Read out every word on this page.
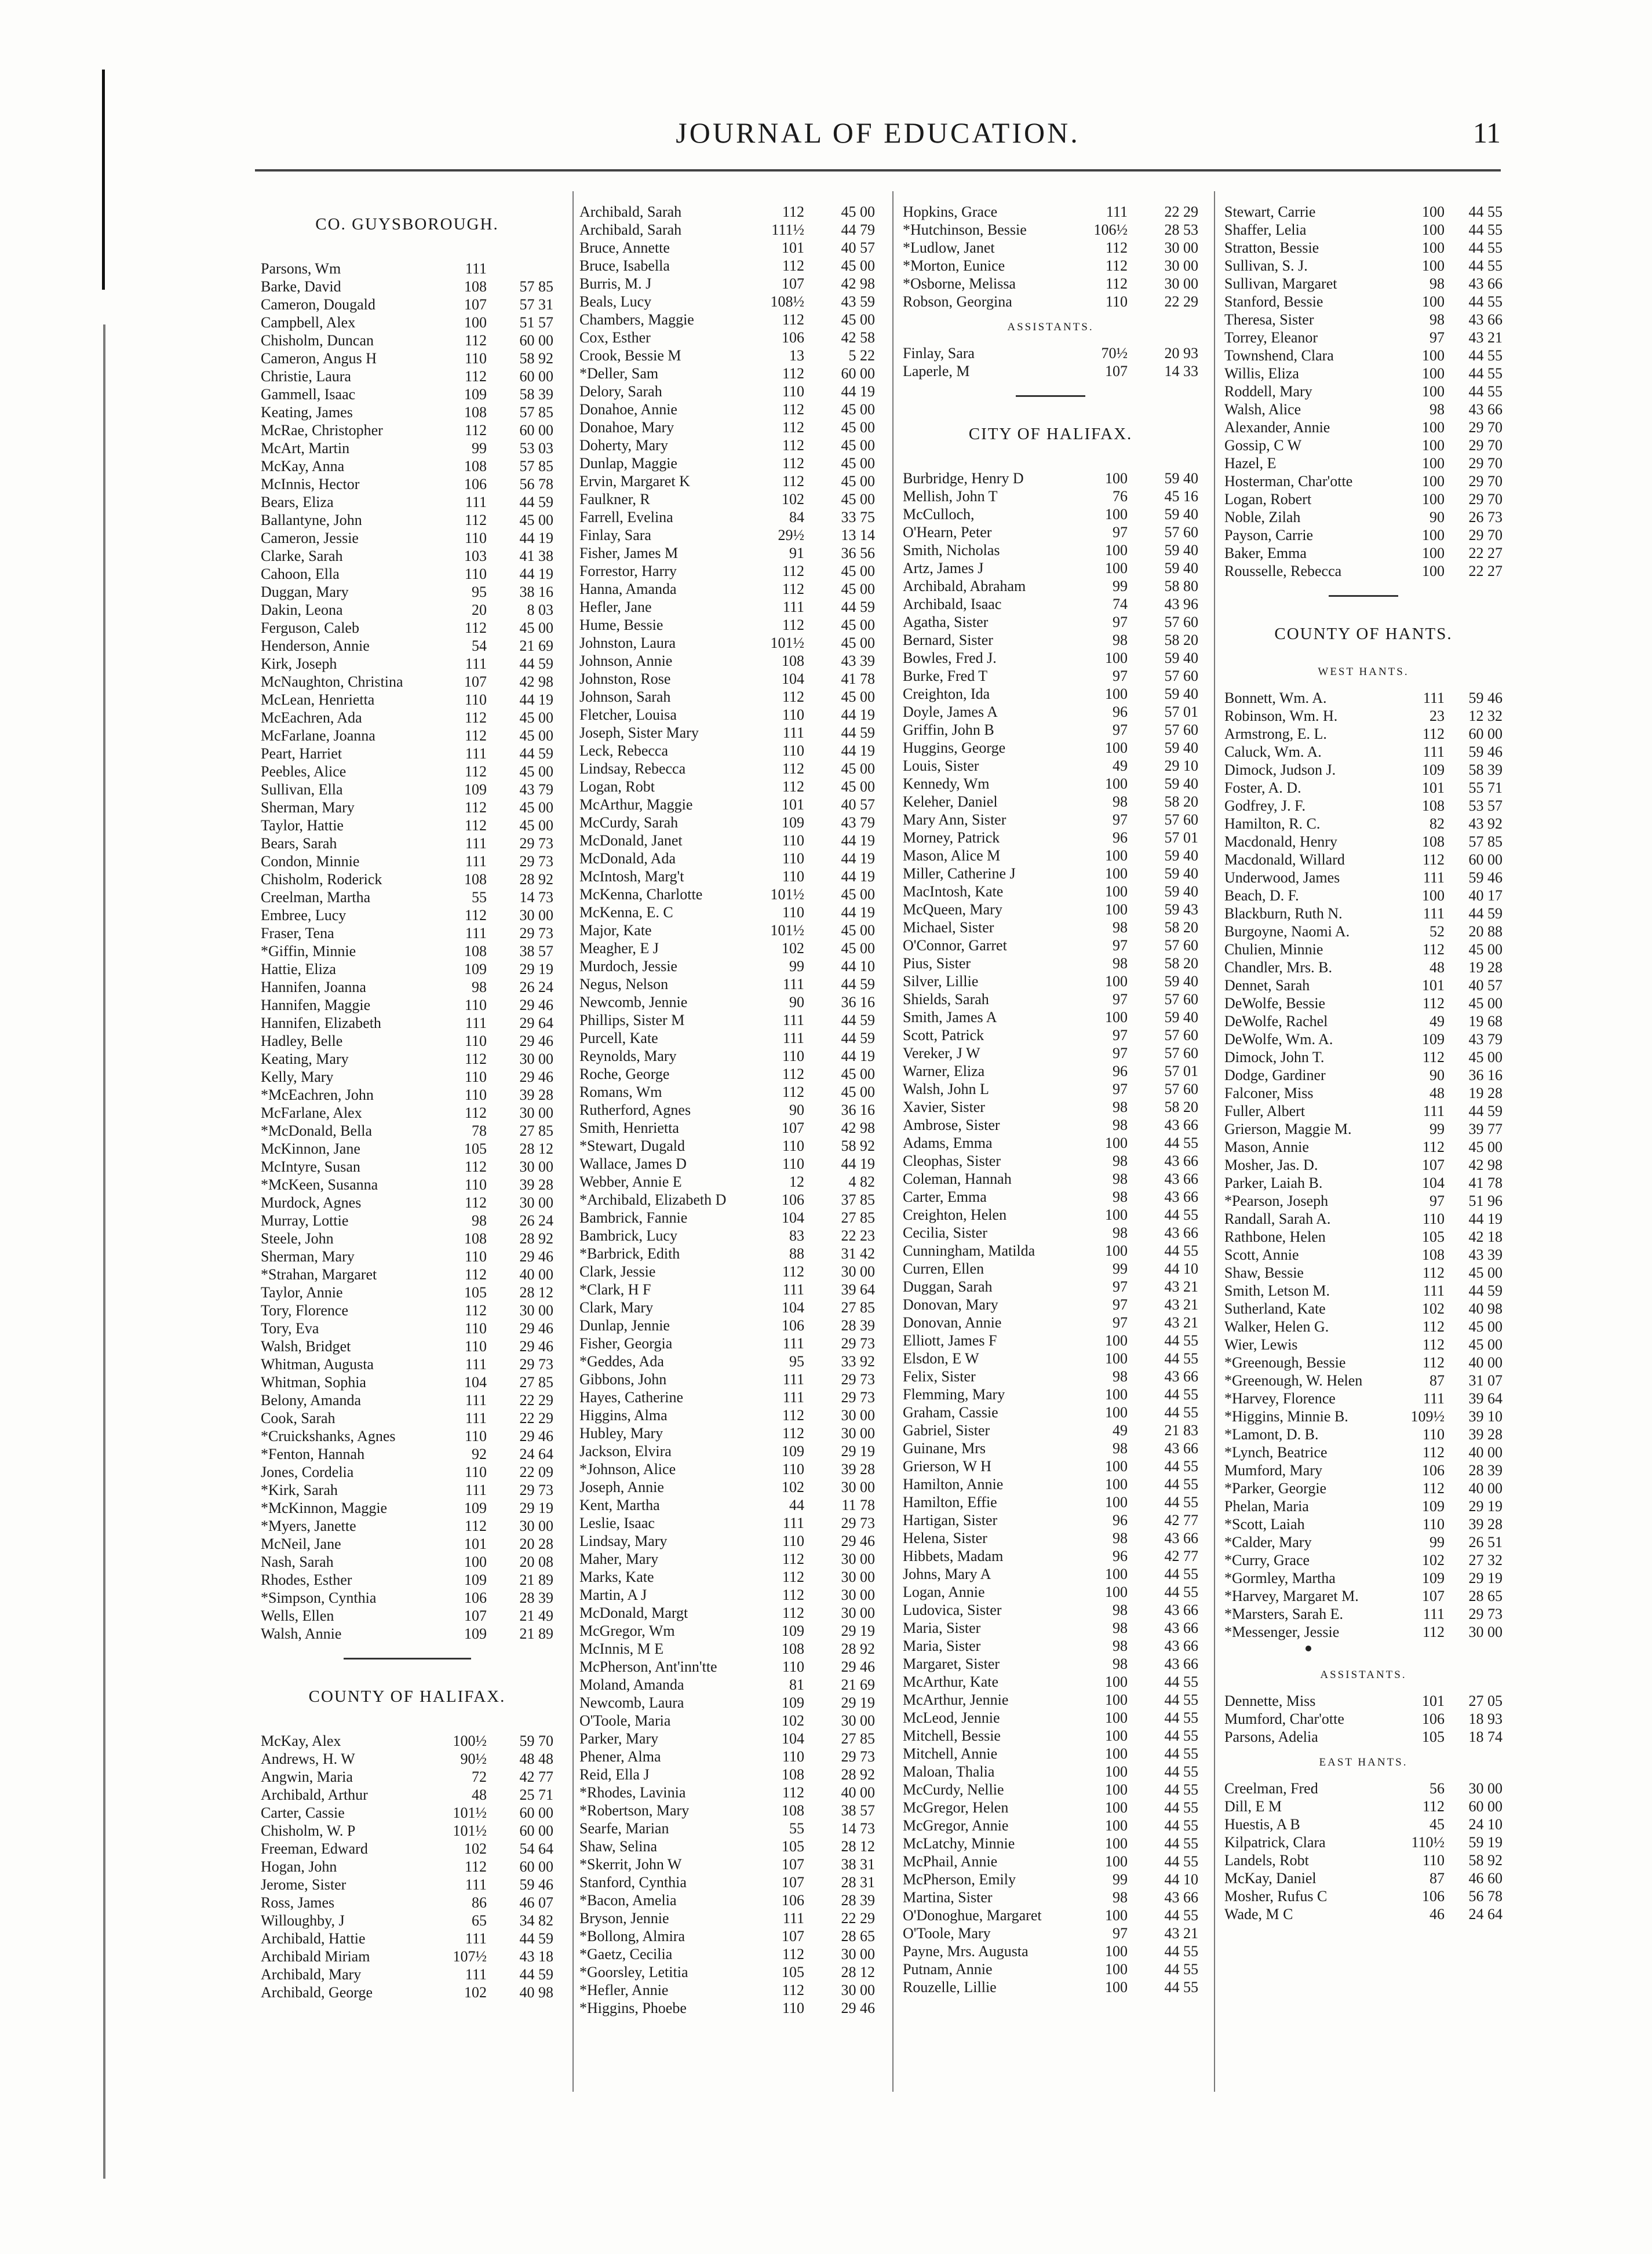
JOURNAL OF EDUCATION.	11
CO. GUYSBOROUGH.
Parsons, Wm	111
Barke, David	108	57 85
Cameron, Dougald	107	57 31
Campbell, Alex	100	51 57
Chisholm, Duncan	112	60 00
Cameron, Angus H	110	58 92
Christie, Laura	112	60 00
Gammell, Isaac	109	58 39
Keating, James	108	57 85
McRae, Christopher	112	60 00
McArt, Martin	99	53 03
McKay, Anna	108	57 85
McInnis, Hector	106	56 78
Bears, Eliza	111	44 59
Ballantyne, John	112	45 00
Cameron, Jessie	110	44 19
Clarke, Sarah	103	41 38
Cahoon, Ella	110	44 19
Duggan, Mary	95	38 16
Dakin, Leona	20	8 03
Ferguson, Caleb	112	45 00
Henderson, Annie	54	21 69
Kirk, Joseph	111	44 59
McNaughton, Christina	107	42 98
McLean, Henrietta	110	44 19
McEachren, Ada	112	45 00
McFarlane, Joanna	112	45 00
Peart, Harriet	111	44 59
Peebles, Alice	112	45 00
Sullivan, Ella	109	43 79
Sherman, Mary	112	45 00
Taylor, Hattie	112	45 00
Bears, Sarah	111	29 73
Condon, Minnie	111	29 73
Chisholm, Roderick	108	28 92
Creelman, Martha	55	14 73
Embree, Lucy	112	30 00
Fraser, Tena	111	29 73
*Giffin, Minnie	108	38 57
Hattie, Eliza	109	29 19
Hannifen, Joanna	98	26 24
Hannifen, Maggie	110	29 46
Hannifen, Elizabeth	111	29 64
Hadley, Belle	110	29 46
Keating, Mary	112	30 00
Kelly, Mary	110	29 46
*McEachren, John	110	39 28
McFarlane, Alex	112	30 00
*McDonald, Bella	78	27 85
McKinnon, Jane	105	28 12
McIntyre, Susan	112	30 00
*McKeen, Susanna	110	39 28
Murdock, Agnes	112	30 00
Murray, Lottie	98	26 24
Steele, John	108	28 92
Sherman, Mary	110	29 46
*Strahan, Margaret	112	40 00
Taylor, Annie	105	28 12
Tory, Florence	112	30 00
Tory, Eva	110	29 46
Walsh, Bridget	110	29 46
Whitman, Augusta	111	29 73
Whitman, Sophia	104	27 85
Belony, Amanda	111	22 29
Cook, Sarah	111	22 29
*Cruickshanks, Agnes	110	29 46
*Fenton, Hannah	92	24 64
Jones, Cordelia	110	22 09
*Kirk, Sarah	111	29 73
*McKinnon, Maggie	109	29 19
*Myers, Janette	112	30 00
McNeil, Jane	101	20 28
Nash, Sarah	100	20 08
Rhodes, Esther	109	21 89
*Simpson, Cynthia	106	28 39
Wells, Ellen	107	21 49
Walsh, Annie	109	21 89
COUNTY OF HALIFAX.
McKay, Alex	100½	59 70
Andrews, H. W	90½	48 48
Angwin, Maria	72	42 77
Archibald, Arthur	48	25 71
Carter, Cassie	101½	60 00
Chisholm, W. P	101½	60 00
Freeman, Edward	102	54 64
Hogan, John	112	60 00
Jerome, Sister	111	59 46
Ross, James	86	46 07
Willoughby, J	65	34 82
Archibald, Hattie	111	44 59
Archibald Miriam	107½	43 18
Archibald, Mary	111	44 59
Archibald, George	102	40 98
Archibald, Sarah	112	45 00
Archibald, Sarah	111½	44 79
Bruce, Annette	101	40 57
Bruce, Isabella	112	45 00
Burris, M. J	107	42 98
Beals, Lucy	108½	43 59
Chambers, Maggie	112	45 00
Cox, Esther	106	42 58
Crook, Bessie M	13	5 22
*Deller, Sam	112	60 00
Delory, Sarah	110	44 19
Donahoe, Annie	112	45 00
Donahoe, Mary	112	45 00
Doherty, Mary	112	45 00
Dunlap, Maggie	112	45 00
Ervin, Margaret K	112	45 00
Faulkner, R	102	45 00
Farrell, Evelina	84	33 75
Finlay, Sara	29½	13 14
Fisher, James M	91	36 56
Forrestor, Harry	112	45 00
Hanna, Amanda	112	45 00
Hefler, Jane	111	44 59
Hume, Bessie	112	45 00
Johnston, Laura	101½	45 00
Johnson, Annie	108	43 39
Johnston, Rose	104	41 78
Johnson, Sarah	112	45 00
Fletcher, Louisa	110	44 19
Joseph, Sister Mary	111	44 59
Leck, Rebecca	110	44 19
Lindsay, Rebecca	112	45 00
Logan, Robt	112	45 00
McArthur, Maggie	101	40 57
McCurdy, Sarah	109	43 79
McDonald, Janet	110	44 19
McDonald, Ada	110	44 19
McIntosh, Marg't	110	44 19
McKenna, Charlotte	101½	45 00
McKenna, E. C	110	44 19
Major, Kate	101½	45 00
Meagher, E J	102	45 00
Murdoch, Jessie	99	44 10
Negus, Nelson	111	44 59
Newcomb, Jennie	90	36 16
Phillips, Sister M	111	44 59
Purcell, Kate	111	44 59
Reynolds, Mary	110	44 19
Roche, George	112	45 00
Romans, Wm	112	45 00
Rutherford, Agnes	90	36 16
Smith, Henrietta	107	42 98
*Stewart, Dugald	110	58 92
Wallace, James D	110	44 19
Webber, Annie E	12	4 82
*Archibald, Elizabeth D	106	37 85
Bambrick, Fannie	104	27 85
Bambrick, Lucy	83	22 23
*Barbrick, Edith	88	31 42
Clark, Jessie	112	30 00
*Clark, H F	111	39 64
Clark, Mary	104	27 85
Dunlap, Jennie	106	28 39
Fisher, Georgia	111	29 73
*Geddes, Ada	95	33 92
Gibbons, John	111	29 73
Hayes, Catherine	111	29 73
Higgins, Alma	112	30 00
Hubley, Mary	112	30 00
Jackson, Elvira	109	29 19
*Johnson, Alice	110	39 28
Joseph, Annie	102	30 00
Kent, Martha	44	11 78
Leslie, Isaac	111	29 73
Lindsay, Mary	110	29 46
Maher, Mary	112	30 00
Marks, Kate	112	30 00
Martin, A J	112	30 00
McDonald, Margt	112	30 00
McGregor, Wm	109	29 19
McInnis, M E	108	28 92
McPherson, Ant'inn'tte	110	29 46
Moland, Amanda	81	21 69
Newcomb, Laura	109	29 19
O'Toole, Maria	102	30 00
Parker, Mary	104	27 85
Phener, Alma	110	29 73
Reid, Ella J	108	28 92
*Rhodes, Lavinia	112	40 00
*Robertson, Mary	108	38 57
Searfe, Marian	55	14 73
Shaw, Selina	105	28 12
*Skerrit, John W	107	38 31
Stanford, Cynthia	107	28 31
*Bacon, Amelia	106	28 39
Bryson, Jennie	111	22 29
*Bollong, Almira	107	28 65
*Gaetz, Cecilia	112	30 00
*Goorsley, Letitia	105	28 12
*Hefler, Annie	112	30 00
*Higgins, Phoebe	110	29 46
Hopkins, Grace	111	22 29
*Hutchinson, Bessie	106½	28 53
*Ludlow, Janet	112	30 00
*Morton, Eunice	112	30 00
*Osborne, Melissa	112	30 00
Robson, Georgina	110	22 29
ASSISTANTS.
Finlay, Sara	70½	20 93
Laperle, M	107	14 33
CITY OF HALIFAX.
Burbridge, Henry D	100	59 40
Mellish, John T	76	45 16
McCulloch,	100	59 40
O'Hearn, Peter	97	57 60
Smith, Nicholas	100	59 40
Artz, James J	100	59 40
Archibald, Abraham	99	58 80
Archibald, Isaac	74	43 96
Agatha, Sister	97	57 60
Bernard, Sister	98	58 20
Bowles, Fred J.	100	59 40
Burke, Fred T	97	57 60
Creighton, Ida	100	59 40
Doyle, James A	96	57 01
Griffin, John B	97	57 60
Huggins, George	100	59 40
Louis, Sister	49	29 10
Kennedy, Wm	100	59 40
Keleher, Daniel	98	58 20
Mary Ann, Sister	97	57 60
Morney, Patrick	96	57 01
Mason, Alice M	100	59 40
Miller, Catherine J	100	59 40
MacIntosh, Kate	100	59 40
McQueen, Mary	100	59 43
Michael, Sister	98	58 20
O'Connor, Garret	97	57 60
Pius, Sister	98	58 20
Silver, Lillie	100	59 40
Shields, Sarah	97	57 60
Smith, James A	100	59 40
Scott, Patrick	97	57 60
Vereker, J W	97	57 60
Warner, Eliza	96	57 01
Walsh, John L	97	57 60
Xavier, Sister	98	58 20
Ambrose, Sister	98	43 66
Adams, Emma	100	44 55
Cleophas, Sister	98	43 66
Coleman, Hannah	98	43 66
Carter, Emma	98	43 66
Creighton, Helen	100	44 55
Cecilia, Sister	98	43 66
Cunningham, Matilda	100	44 55
Curren, Ellen	99	44 10
Duggan, Sarah	97	43 21
Donovan, Mary	97	43 21
Donovan, Annie	97	43 21
Elliott, James F	100	44 55
Elsdon, E W	100	44 55
Felix, Sister	98	43 66
Flemming, Mary	100	44 55
Graham, Cassie	100	44 55
Gabriel, Sister	49	21 83
Guinane, Mrs	98	43 66
Grierson, W H	100	44 55
Hamilton, Annie	100	44 55
Hamilton, Effie	100	44 55
Hartigan, Sister	96	42 77
Helena, Sister	98	43 66
Hibbets, Madam	96	42 77
Johns, Mary A	100	44 55
Logan, Annie	100	44 55
Ludovica, Sister	98	43 66
Maria, Sister	98	43 66
Maria, Sister	98	43 66
Margaret, Sister	98	43 66
McArthur, Kate	100	44 55
McArthur, Jennie	100	44 55
McLeod, Jennie	100	44 55
Mitchell, Bessie	100	44 55
Mitchell, Annie	100	44 55
Maloan, Thalia	100	44 55
McCurdy, Nellie	100	44 55
McGregor, Helen	100	44 55
McGregor, Annie	100	44 55
McLatchy, Minnie	100	44 55
McPhail, Annie	100	44 55
McPherson, Emily	99	44 10
Martina, Sister	98	43 66
O'Donoghue, Margaret	100	44 55
O'Toole, Mary	97	43 21
Payne, Mrs. Augusta	100	44 55
Putnam, Annie	100	44 55
Rouzelle, Lillie	100	44 55
Stewart, Carrie	100	44 55
Shaffer, Lelia	100	44 55
Stratton, Bessie	100	44 55
Sullivan, S. J.	100	44 55
Sullivan, Margaret	98	43 66
Stanford, Bessie	100	44 55
Theresa, Sister	98	43 66
Torrey, Eleanor	97	43 21
Townshend, Clara	100	44 55
Willis, Eliza	100	44 55
Roddell, Mary	100	44 55
Walsh, Alice	98	43 66
Alexander, Annie	100	29 70
Gossip, C W	100	29 70
Hazel, E	100	29 70
Hosterman, Char'otte	100	29 70
Logan, Robert	100	29 70
Noble, Zilah	90	26 73
Payson, Carrie	100	29 70
Baker, Emma	100	22 27
Rousselle, Rebecca	100	22 27
COUNTY OF HANTS.
WEST HANTS.
Bonnett, Wm. A.	111	59 46
Robinson, Wm. H.	23	12 32
Armstrong, E. L.	112	60 00
Caluck, Wm. A.	111	59 46
Dimock, Judson J.	109	58 39
Foster, A. D.	101	55 71
Godfrey, J. F.	108	53 57
Hamilton, R. C.	82	43 92
Macdonald, Henry	108	57 85
Macdonald, Willard	112	60 00
Underwood, James	111	59 46
Beach, D. F.	100	40 17
Blackburn, Ruth N.	111	44 59
Burgoyne, Naomi A.	52	20 88
Chulien, Minnie	112	45 00
Chandler, Mrs. B.	48	19 28
Dennet, Sarah	101	40 57
DeWolfe, Bessie	112	45 00
DeWolfe, Rachel	49	19 68
DeWolfe, Wm. A.	109	43 79
Dimock, John T.	112	45 00
Dodge, Gardiner	90	36 16
Falconer, Miss	48	19 28
Fuller, Albert	111	44 59
Grierson, Maggie M.	99	39 77
Mason, Annie	112	45 00
Mosher, Jas. D.	107	42 98
Parker, Laiah B.	104	41 78
*Pearson, Joseph	97	51 96
Randall, Sarah A.	110	44 19
Rathbone, Helen	105	42 18
Scott, Annie	108	43 39
Shaw, Bessie	112	45 00
Smith, Letson M.	111	44 59
Sutherland, Kate	102	40 98
Walker, Helen G.	112	45 00
Wier, Lewis	112	45 00
*Greenough, Bessie	112	40 00
*Greenough, W. Helen	87	31 07
*Harvey, Florence	111	39 64
*Higgins, Minnie B.	109½	39 10
*Lamont, D. B.	110	39 28
*Lynch, Beatrice	112	40 00
Mumford, Mary	106	28 39
*Parker, Georgie	112	40 00
Phelan, Maria	109	29 19
*Scott, Laiah	110	39 28
*Calder, Mary	99	26 51
*Curry, Grace	102	27 32
*Gormley, Martha	109	29 19
*Harvey, Margaret M.	107	28 65
*Marsters, Sarah E.	111	29 73
*Messenger, Jessie	112	30 00
ASSISTANTS.
Dennette, Miss	101	27 05
Mumford, Char'otte	106	18 93
Parsons, Adelia	105	18 74
EAST HANTS.
Creelman, Fred	56	30 00
Dill, E M	112	60 00
Huestis, A B	45	24 10
Kilpatrick, Clara	110½	59 19
Landels, Robt	110	58 92
McKay, Daniel	87	46 60
Mosher, Rufus C	106	56 78
Wade, M C	46	24 64
